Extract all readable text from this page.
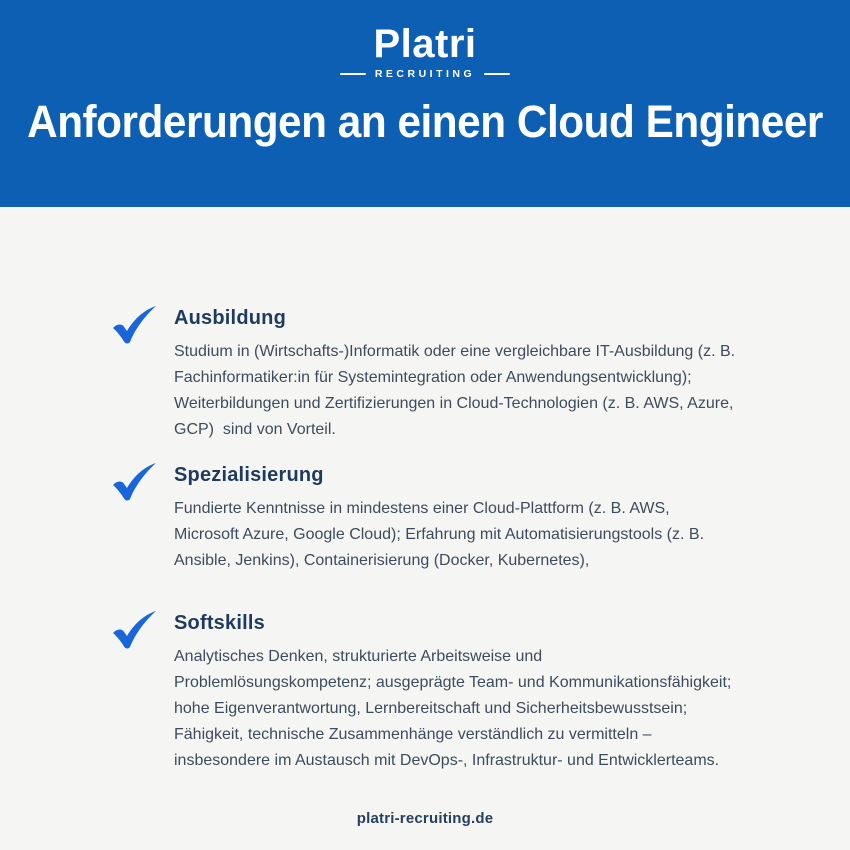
Platri
RECRUITING
Anforderungen an einen Cloud Engineer
Ausbildung
Studium in (Wirtschafts-)Informatik oder eine vergleichbare IT-Ausbildung (z. B. Fachinformatiker:in für Systemintegration oder Anwendungsentwicklung); Weiterbildungen und Zertifizierungen in Cloud-Technologien (z. B. AWS, Azure, GCP)  sind von Vorteil.
Spezialisierung
Fundierte Kenntnisse in mindestens einer Cloud-Plattform (z. B. AWS, Microsoft Azure, Google Cloud); Erfahrung mit Automatisierungstools (z. B. Ansible, Jenkins), Containerisierung (Docker, Kubernetes),
Softskills
Analytisches Denken, strukturierte Arbeitsweise und Problemlösungskompetenz; ausgeprägte Team- und Kommunikationsfähigkeit; hohe Eigenverantwortung, Lernbereitschaft und Sicherheitsbewusstsein; Fähigkeit, technische Zusammenhänge verständlich zu vermitteln – insbesondere im Austausch mit DevOps-, Infrastruktur- und Entwicklerteams.
platri-recruiting.de
